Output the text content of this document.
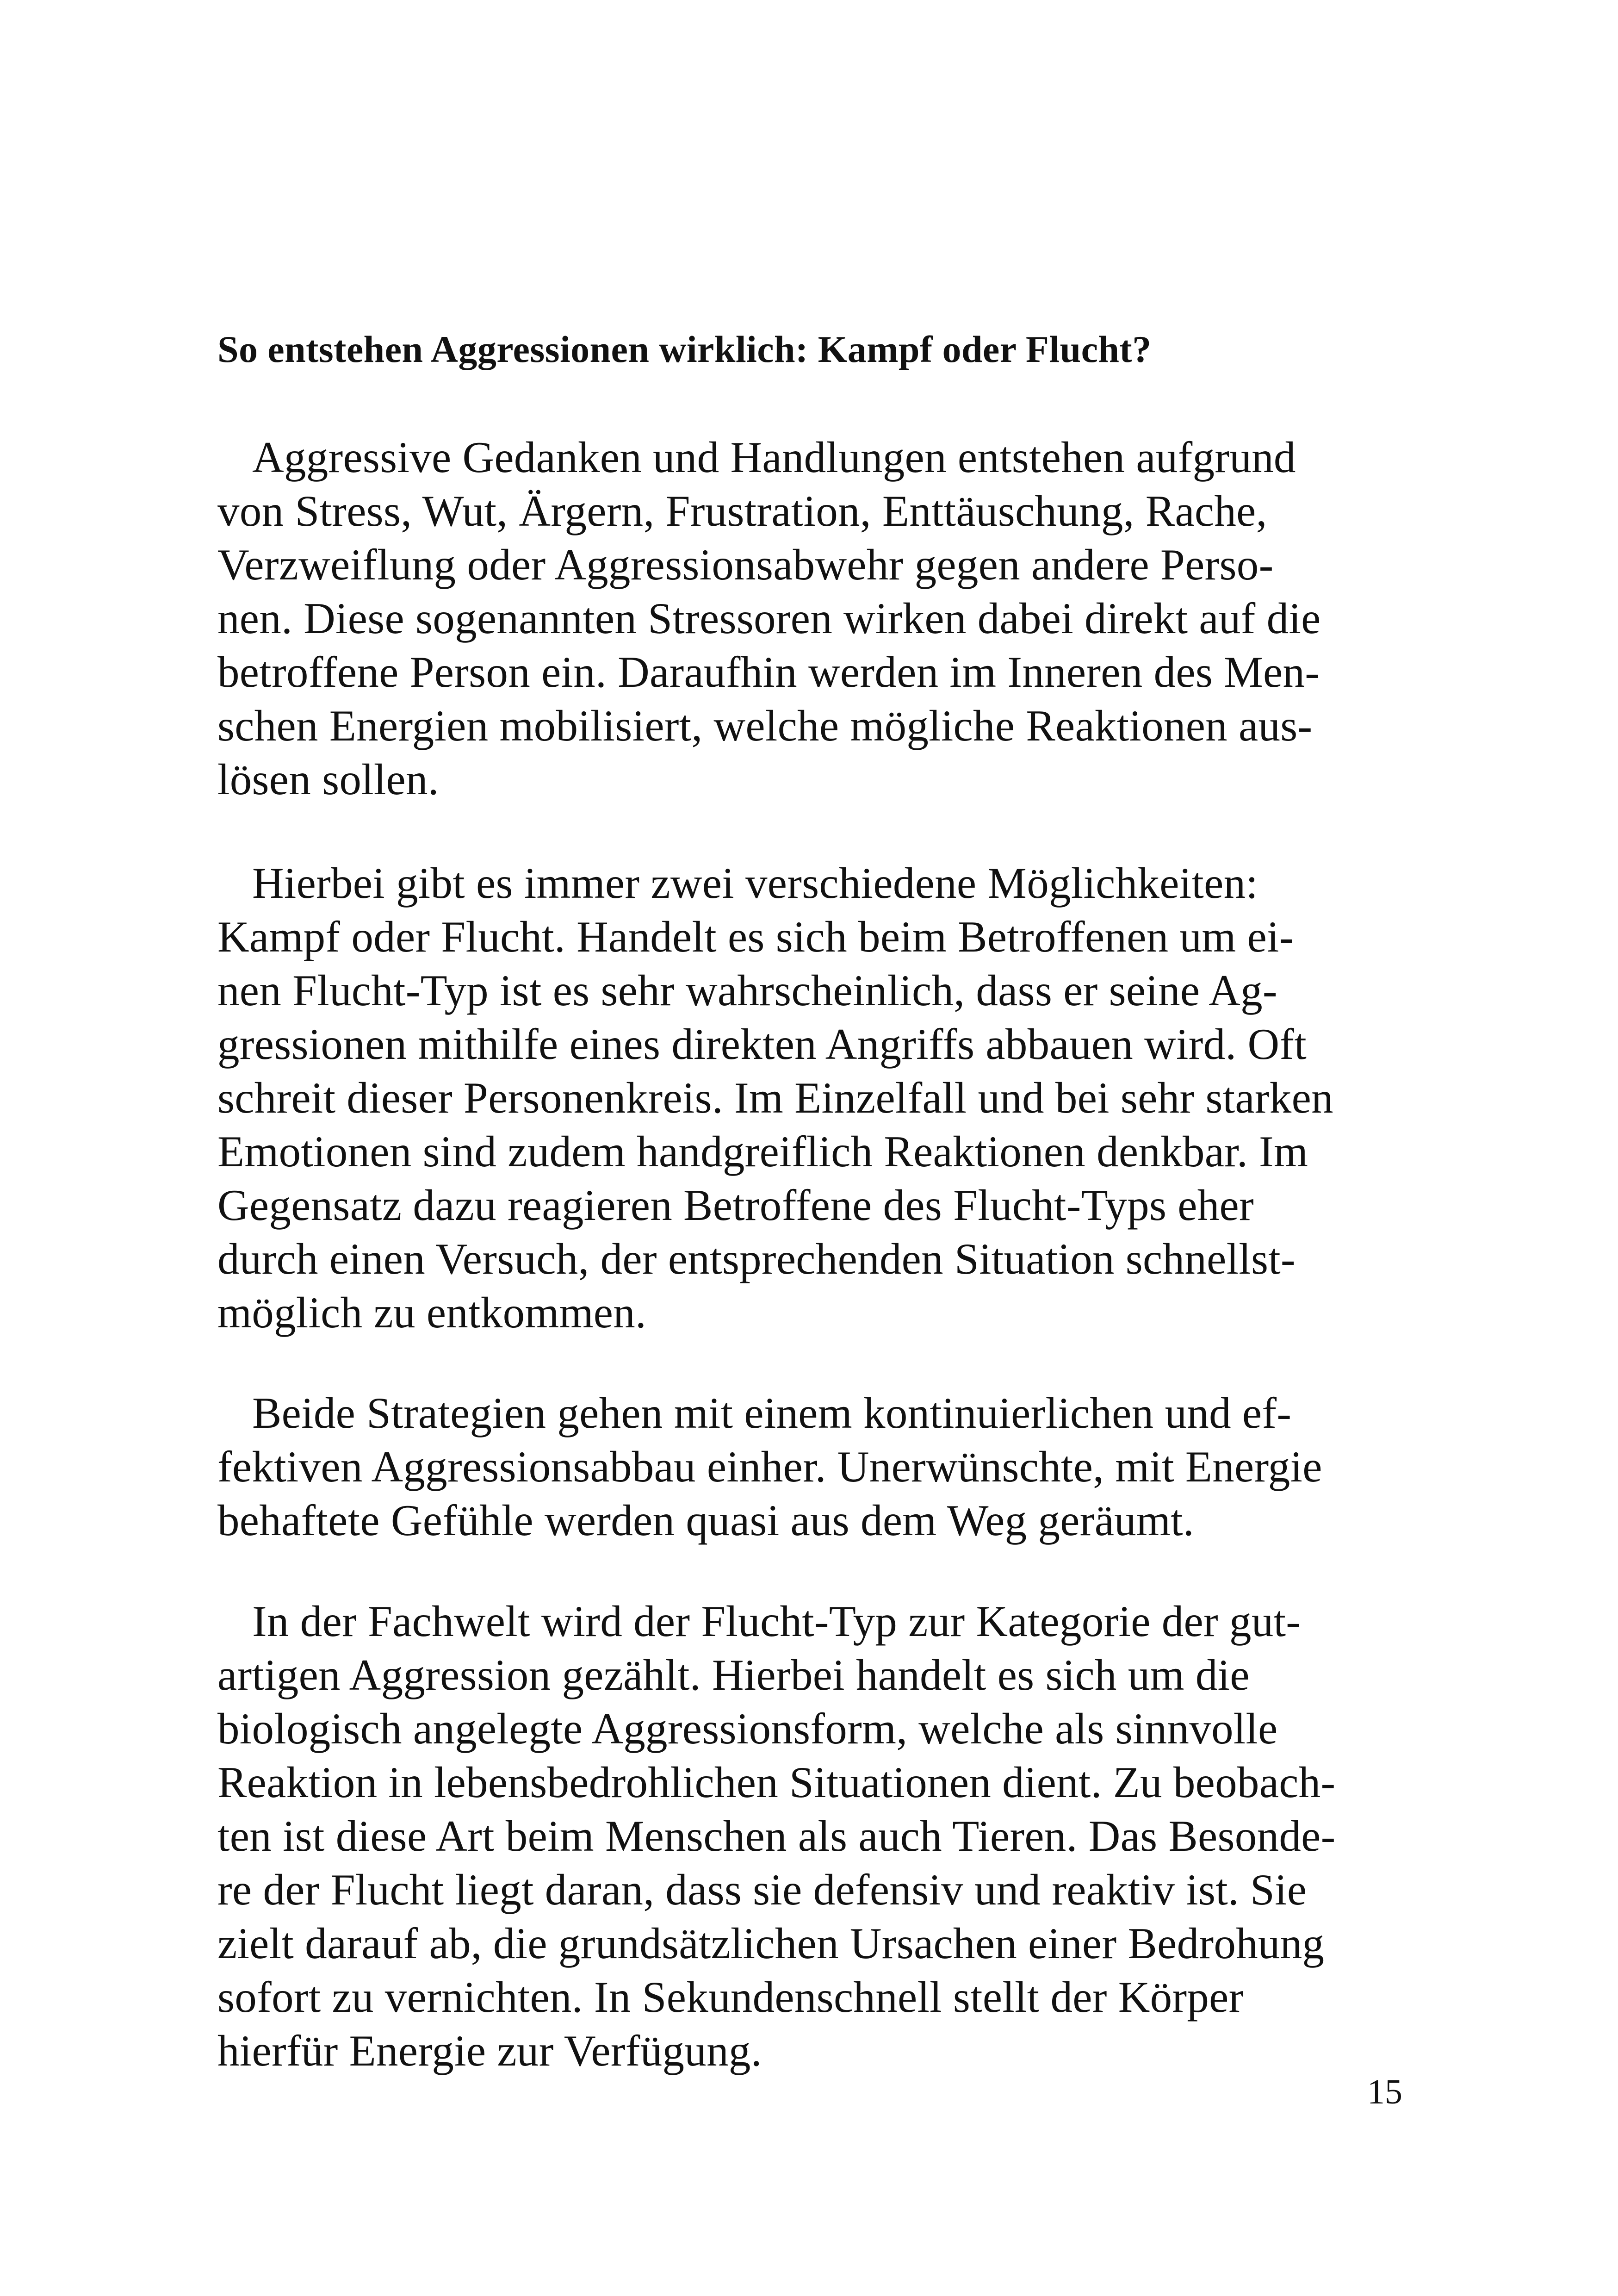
So entstehen Aggressionen wirklich: Kampf oder Flucht?

Aggressive Gedanken und Handlungen entstehen aufgrund
von Stress, Wut, Ärgern, Frustration, Enttäuschung, Rache,
Verzweiflung oder Aggressionsabwehr gegen andere Perso-
nen. Diese sogenannten Stressoren wirken dabei direkt auf die
betroffene Person ein. Daraufhin werden im Inneren des Men-
schen Energien mobilisiert, welche mögliche Reaktionen aus-
lösen sollen.

Hierbei gibt es immer zwei verschiedene Möglichkeiten:
Kampf oder Flucht. Handelt es sich beim Betroffenen um ei-
nen Flucht-Typ ist es sehr wahrscheinlich, dass er seine Ag-
gressionen mithilfe eines direkten Angriffs abbauen wird. Oft
schreit dieser Personenkreis. Im Einzelfall und bei sehr starken
Emotionen sind zudem handgreiflich Reaktionen denkbar. Im
Gegensatz dazu reagieren Betroffene des Flucht-Typs eher
durch einen Versuch, der entsprechenden Situation schnellst-
möglich zu entkommen.

Beide Strategien gehen mit einem kontinuierlichen und ef-
fektiven Aggressionsabbau einher. Unerwünschte, mit Energie
behaftete Gefühle werden quasi aus dem Weg geräumt.

In der Fachwelt wird der Flucht-Typ zur Kategorie der gut-
artigen Aggression gezählt. Hierbei handelt es sich um die
biologisch angelegte Aggressionsform, welche als sinnvolle
Reaktion in lebensbedrohlichen Situationen dient. Zu beobach-
ten ist diese Art beim Menschen als auch Tieren. Das Besonde-
re der Flucht liegt daran, dass sie defensiv und reaktiv ist. Sie
zielt darauf ab, die grundsätzlichen Ursachen einer Bedrohung
sofort zu vernichten. In Sekundenschnell stellt der Körper
hierfür Energie zur Verfügung.

15
